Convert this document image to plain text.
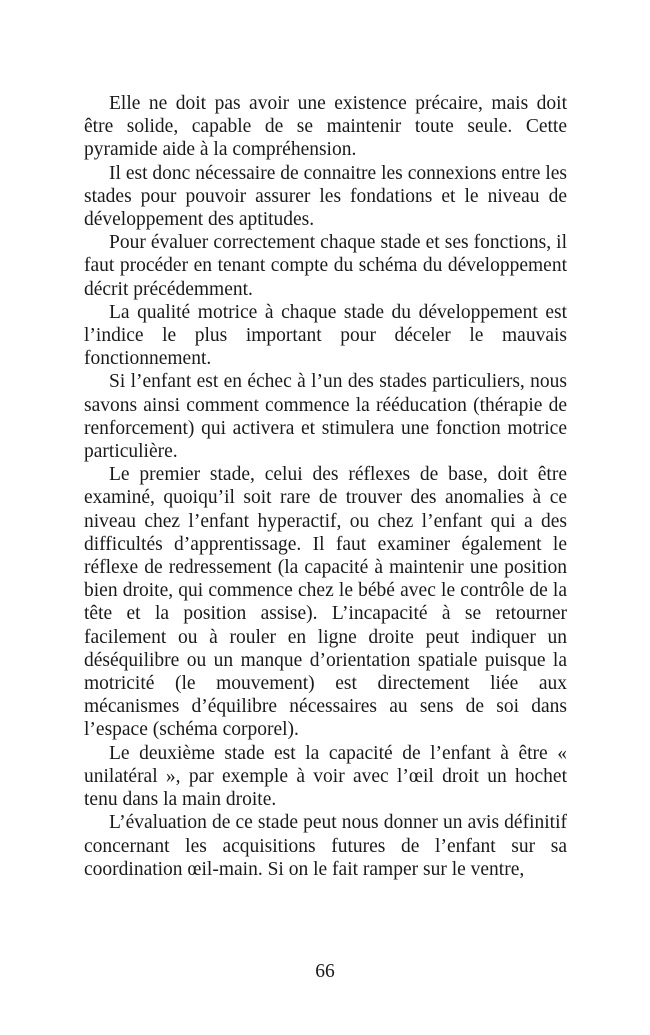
Elle ne doit pas avoir une existence précaire, mais doit être solide, capable de se maintenir toute seule. Cette pyramide aide à la compréhension.

Il est donc nécessaire de connaitre les connexions entre les stades pour pouvoir assurer les fondations et le niveau de développement des aptitudes.

Pour évaluer correctement chaque stade et ses fonctions, il faut procéder en tenant compte du schéma du développement décrit précédemment.

La qualité motrice à chaque stade du développement est l’indice le plus important pour déceler le mauvais fonctionnement.

Si l’enfant est en échec à l’un des stades particuliers, nous savons ainsi comment commence la rééducation (thérapie de renforcement) qui activera et stimulera une fonction motrice particulière.

Le premier stade, celui des réflexes de base, doit être examiné, quoiqu’il soit rare de trouver des anomalies à ce niveau chez l’enfant hyperactif, ou chez l’enfant qui a des difficultés d’apprentissage. Il faut examiner également le réflexe de redressement (la capacité à maintenir une position bien droite, qui commence chez le bébé avec le contrôle de la tête et la position assise). L’incapacité à se retourner facilement ou à rouler en ligne droite peut indiquer un déséquilibre ou un manque d’orientation spatiale puisque la motricité (le mouvement) est directement liée aux mécanismes d’équilibre nécessaires au sens de soi dans l’espace (schéma corporel).

Le deuxième stade est la capacité de l’enfant à être « unilatéral », par exemple à voir avec l’œil droit un hochet tenu dans la main droite.

L’évaluation de ce stade peut nous donner un avis définitif concernant les acquisitions futures de l’enfant sur sa coordination œil-main. Si on le fait ramper sur le ventre,

66
